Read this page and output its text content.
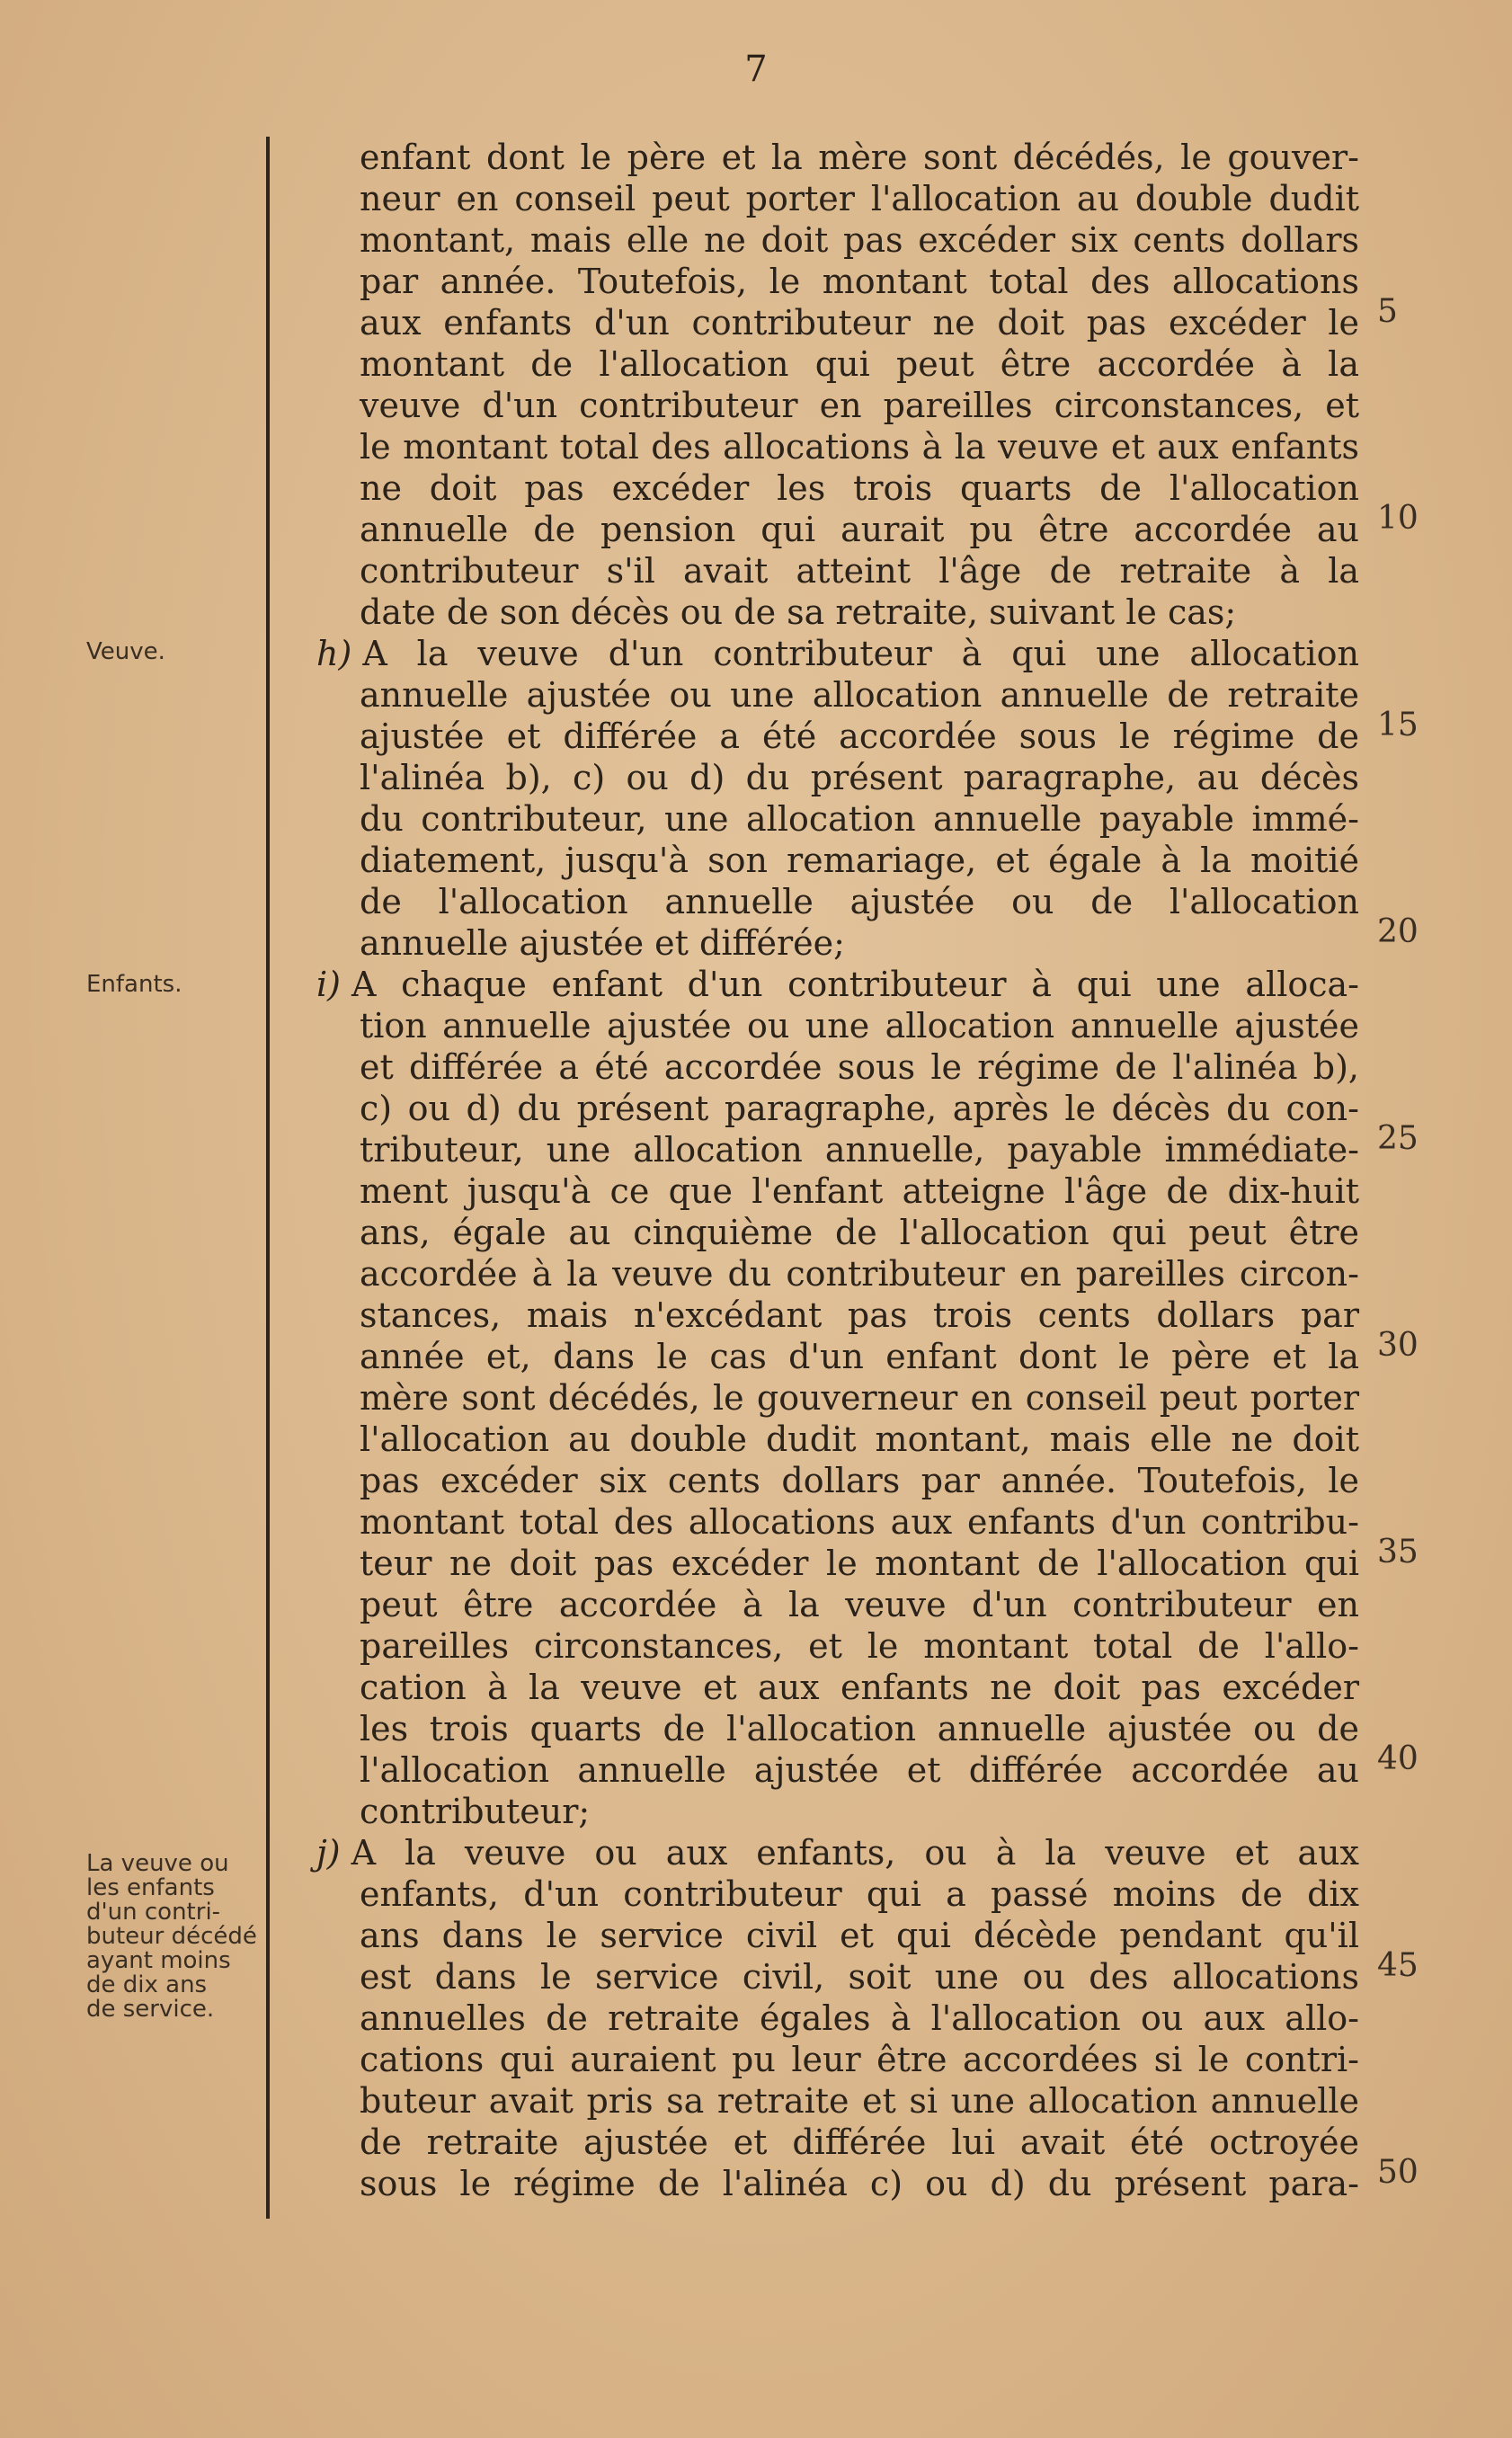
7
Veuve.
Enfants.
La veuve ou
les enfants
d'un contri-
buteur décédé
ayant moins
de dix ans
de service.
5
10
15
20
25
30
35
40
45
50
enfant dont le père et la mère sont décédés, le gouver-
neur en conseil peut porter l'allocation au double dudit
montant, mais elle ne doit pas excéder six cents dollars
par année. Toutefois, le montant total des allocations
aux enfants d'un contributeur ne doit pas excéder le
montant de l'allocation qui peut être accordée à la
veuve d'un contributeur en pareilles circonstances, et
le montant total des allocations à la veuve et aux enfants
ne doit pas excéder les trois quarts de l'allocation
annuelle de pension qui aurait pu être accordée au
contributeur s'il avait atteint l'âge de retraite à la
date de son décès ou de sa retraite, suivant le cas;
h) A la veuve d'un contributeur à qui une allocation
annuelle ajustée ou une allocation annuelle de retraite
ajustée et différée a été accordée sous le régime de
l'alinéa b), c) ou d) du présent paragraphe, au décès
du contributeur, une allocation annuelle payable immé-
diatement, jusqu'à son remariage, et égale à la moitié
de l'allocation annuelle ajustée ou de l'allocation
annuelle ajustée et différée;
i) A chaque enfant d'un contributeur à qui une alloca-
tion annuelle ajustée ou une allocation annuelle ajustée
et différée a été accordée sous le régime de l'alinéa b),
c) ou d) du présent paragraphe, après le décès du con-
tributeur, une allocation annuelle, payable immédiate-
ment jusqu'à ce que l'enfant atteigne l'âge de dix-huit
ans, égale au cinquième de l'allocation qui peut être
accordée à la veuve du contributeur en pareilles circon-
stances, mais n'excédant pas trois cents dollars par
année et, dans le cas d'un enfant dont le père et la
mère sont décédés, le gouverneur en conseil peut porter
l'allocation au double dudit montant, mais elle ne doit
pas excéder six cents dollars par année. Toutefois, le
montant total des allocations aux enfants d'un contribu-
teur ne doit pas excéder le montant de l'allocation qui
peut être accordée à la veuve d'un contributeur en
pareilles circonstances, et le montant total de l'allo-
cation à la veuve et aux enfants ne doit pas excéder
les trois quarts de l'allocation annuelle ajustée ou de
l'allocation annuelle ajustée et différée accordée au
contributeur;
j) A la veuve ou aux enfants, ou à la veuve et aux
enfants, d'un contributeur qui a passé moins de dix
ans dans le service civil et qui décède pendant qu'il
est dans le service civil, soit une ou des allocations
annuelles de retraite égales à l'allocation ou aux allo-
cations qui auraient pu leur être accordées si le contri-
buteur avait pris sa retraite et si une allocation annuelle
de retraite ajustée et différée lui avait été octroyée
sous le régime de l'alinéa c) ou d) du présent para-
